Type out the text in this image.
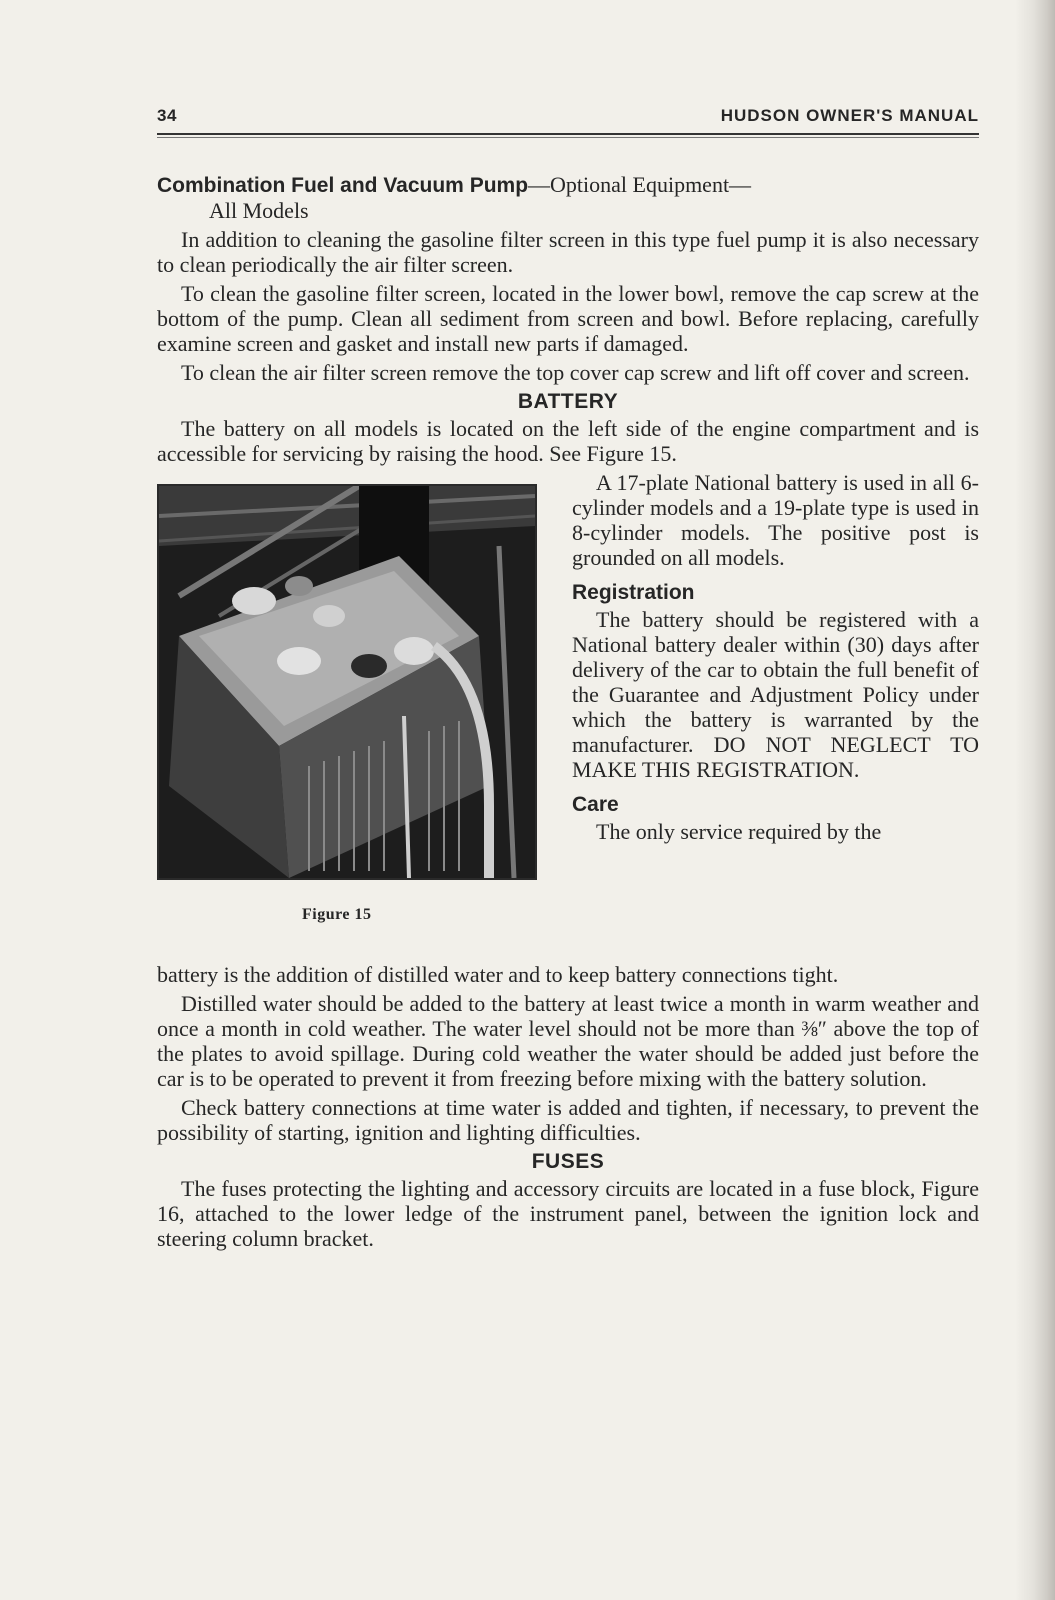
34	HUDSON OWNER'S MANUAL
Combination Fuel and Vacuum Pump—Optional Equipment—
All Models

In addition to cleaning the gasoline filter screen in this type fuel pump it is also necessary to clean periodically the air filter screen.

To clean the gasoline filter screen, located in the lower bowl, remove the cap screw at the bottom of the pump. Clean all sediment from screen and bowl. Before replacing, carefully examine screen and gasket and install new parts if damaged.

To clean the air filter screen remove the top cover cap screw and lift off cover and screen.

BATTERY

The battery on all models is located on the left side of the engine compartment and is accessible for servicing by raising the hood. See Figure 15.

Figure 15

A 17-plate National battery is used in all 6-cylinder models and a 19-plate type is used in 8-cylinder models. The positive post is grounded on all models.

Registration

The battery should be registered with a National battery dealer within (30) days after delivery of the car to obtain the full benefit of the Guarantee and Adjustment Policy under which the battery is warranted by the manufacturer. DO NOT NEGLECT TO MAKE THIS REGISTRATION.

Care

The only service required by the

battery is the addition of distilled water and to keep battery connections tight.

Distilled water should be added to the battery at least twice a month in warm weather and once a month in cold weather. The water level should not be more than ⅜″ above the top of the plates to avoid spillage. During cold weather the water should be added just before the car is to be operated to prevent it from freezing before mixing with the battery solution.

Check battery connections at time water is added and tighten, if necessary, to prevent the possibility of starting, ignition and lighting difficulties.

FUSES

The fuses protecting the lighting and accessory circuits are located in a fuse block, Figure 16, attached to the lower ledge of the instrument panel, between the ignition lock and steering column bracket.
